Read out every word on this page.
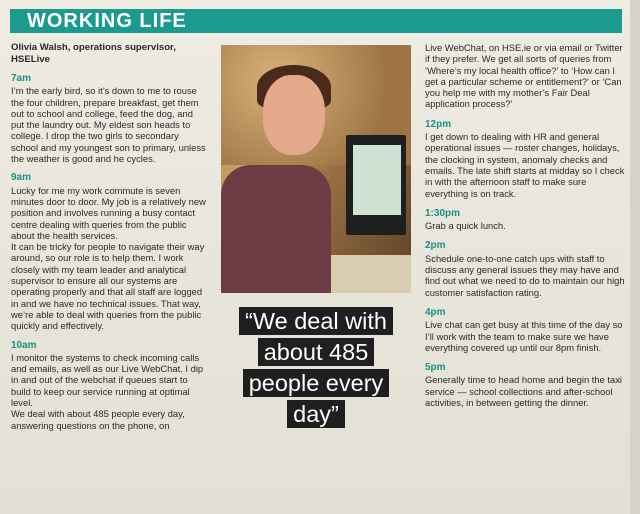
WORKING LIFE
Olivia Walsh, operations supervisor, HSELive
7am

I’m the early bird, so it’s down to me to rouse the four children, prepare breakfast, get them out to school and college, feed the dog, and put the laundry out. My eldest son heads to college. I drop the two girls to secondary school and my youngest son to primary, unless the weather is good and he cycles.

9am

Lucky for me my work commute is seven minutes door to door. My job is a relatively new position and involves running a busy contact centre dealing with queries from the public about the health services.

It can be tricky for people to navigate their way around, so our role is to help them. I work closely with my team leader and analytical supervisor to ensure all our systems are operating properly and that all staff are logged in and we have no technical issues. That way, we’re able to deal with queries from the public quickly and effectively.

10am

I monitor the systems to check incoming calls and emails, as well as our Live WebChat. I dip in and out of the webchat if queues start to build to keep our service running at optimal level.

We deal with about 485 people every day, answering questions on the phone, on

“We deal with about 485 people every day”

Live WebChat, on HSE.ie or via email or Twitter if they prefer. We get all sorts of queries from ‘Where’s my local health office?’ to ‘How can I get a particular scheme or entitlement?’ or ‘Can you help me with my mother’s Fair Deal application process?’

12pm

I get down to dealing with HR and general operational issues — roster changes, holidays, the clocking in system, anomaly checks and emails. The late shift starts at midday so I check in with the afternoon staff to make sure everything is on track.

1:30pm

Grab a quick lunch.

2pm

Schedule one-to-one catch ups with staff to discuss any general issues they may have and find out what we need to do to maintain our high customer satisfaction rating.

4pm

Live chat can get busy at this time of the day so I’ll work with the team to make sure we have everything covered up until our 8pm finish.

5pm

Generally time to head home and begin the taxi service — school collections and after-school activities, in between getting the dinner.
